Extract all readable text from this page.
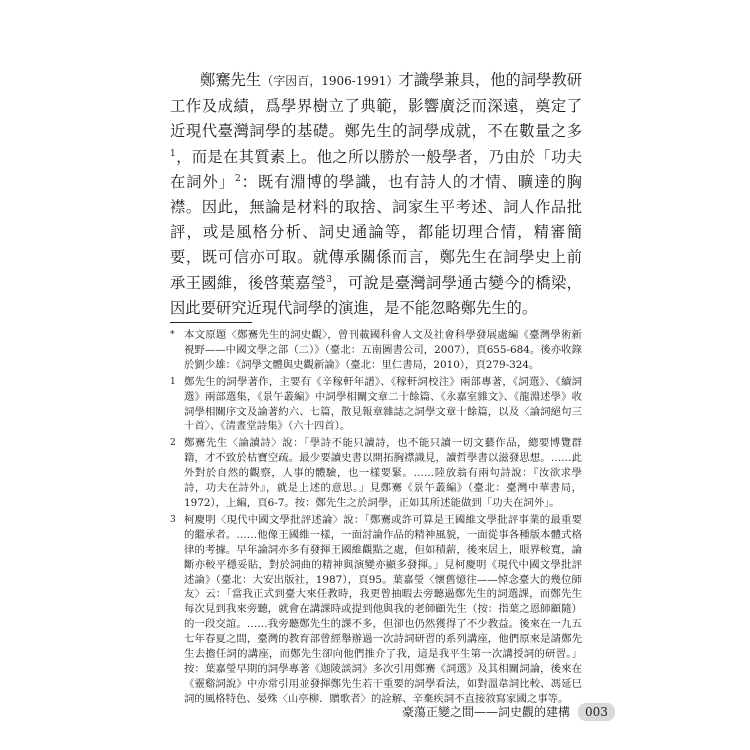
鄭騫先生（字因百，1906-1991）才識學兼具，他的詞學教研工作及成績，爲學界樹立了典範，影響廣泛而深遠，奠定了近現代臺灣詞學的基礎。鄭先生的詞學成就，不在數量之多$^1$，而是在其質素上。他之所以勝於一般學者，乃由於「功夫在詞外」$^2$：既有淵博的學識，也有詩人的才情、曠達的胸襟。因此，無論是材料的取捨、詞家生平考述、詞人作品批評，或是風格分析、詞史通論等，都能切理合情，精審簡要，既可信亦可取。就傳承關係而言，鄭先生在詞學史上前承王國維，後啓葉嘉瑩$^3$，可說是臺灣詞學通古變今的橋梁，因此要研究近現代詞學的演進，是不能忽略鄭先生的。

* 本文原題〈鄭騫先生的詞史觀〉，曾刊載國科會人文及社會科學發展處編《臺灣學術新視野——中國文學之部（二）》（臺北：五南圖書公司，2007），頁655-684。後亦收錄於劉少雄：《詞學文體與史觀新論》（臺北：里仁書局，2010），頁279-324。
1 鄭先生的詞學著作，主要有《辛稼軒年譜》、《稼軒詞校注》兩部專著，《詞選》、《續詞選》兩部選集，《景午叢編》中詞學相關文章二十餘篇、《永嘉室雜文》、《龍淵述學》收詞學相關序文及論著約六、七篇，散見報章雜誌之詞學文章十餘篇，以及〈論詞絕句三十首〉、《清晝堂詩集》（六十四首）。
2 鄭騫先生〈論讀詩〉說：「學詩不能只讀詩，也不能只讀一切文藝作品，總要博覽群籍，才不致於枯寶空疏。最少要讀史書以開拓胸襟識見，讀哲學書以滋發思想。……此外對於自然的觀察，人事的體驗，也一樣要緊。……陸放翁有兩句詩說：『汝欲求學詩，功夫在詩外』，就是上述的意思。」見鄭騫《景午叢編》（臺北：臺灣中華書局，1972），上編，頁6-7。按：鄭先生之於詞學，正如其所述能做到「功夫在詞外」。
3 柯慶明〈現代中國文學批評述論〉說：「鄭騫或許可算是王國維文學批評事業的最重要的繼承者。……他像王國維一樣，一面討論作品的精神風貌，一面從事各種版本體式格律的考據。早年論詞亦多有發揮王國維觀點之處，但如積薪，後來居上，眼界較寬，論斷亦較平穩妥貼，對於詞曲的精神與演變亦顯多發揮。」見柯慶明《現代中國文學批評述論》（臺北：大安出版社，1987），頁95。葉嘉瑩〈懷舊憶往——悼念臺大的幾位師友〉云：「當我正式到臺大來任教時，我更曾抽暇去旁聽過鄭先生的詞選課，而鄭先生每次見到我來旁聽，就會在講課時或提到他與我的老師顧先生（按：指葉之恩師顧隨）的一段交誼。……我旁聽鄭先生的課不多，但卻也仍然獲得了不少教益。後來在一九五七年春夏之間，臺灣的教育部曾經舉辦過一次詩詞研習的系列講座，他們原來是請鄭先生去擔任詞的講座，而鄭先生卻向他們推介了我，這是我平生第一次講授詞的研習。」按：葉嘉瑩早期的詞學專著《迦陵談詞》多次引用鄭騫《詞選》及其相關詞論，後來在《靈谿詞說》中亦常引用並發揮鄭先生若干重要的詞學看法，如對溫韋詞比較、馮延巳詞的風格特色、晏殊〈山亭柳．贈歌者〉的詮解、辛棄疾詞不直接敘寫家國之事等。
豪蕩正變之間——詞史觀的建構	003
